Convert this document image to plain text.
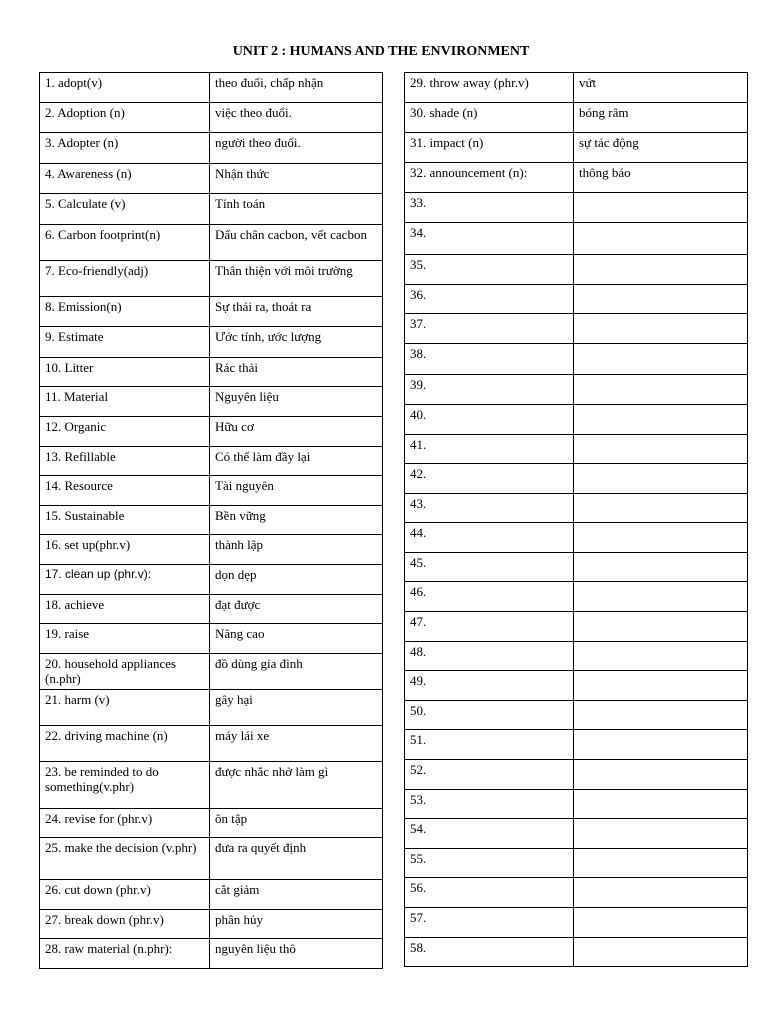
UNIT 2 : HUMANS AND THE ENVIRONMENT
1. adopt(v)	theo đuổi, chấp nhận
2. Adoption (n)	việc theo đuổi.
3. Adopter (n)	người theo đuổi.
4. Awareness (n)	Nhận thức
5. Calculate (v)	Tính toán
6. Carbon footprint(n)	Dấu chân cacbon, vết cacbon
7. Eco-friendly(adj)	Thân thiện với môi trường
8. Emission(n)	Sự thải ra, thoát ra
9. Estimate	Ước tính, ước lượng
10. Litter	Rác thải
11. Material	Nguyên liệu
12. Organic	Hữu cơ
13. Refillable	Có thể làm đầy lại
14. Resource	Tài nguyên
15. Sustainable	Bền vững
16. set up(phr.v)	thành lập
17. clean up (phr.v):	dọn dẹp
18. achieve	đạt được
19. raise	Nâng cao
20. household appliances (n.phr)	đồ dùng gia đình
21. harm (v)	gây hại
22. driving machine (n)	máy lái xe
23. be reminded to do something(v.phr)	được nhắc nhở làm gì
24. revise for (phr.v)	ôn tập
25. make the decision (v.phr)	đưa ra quyết định
26. cut down (phr.v)	cắt giảm
27. break down (phr.v)	phân hủy
28. raw material (n.phr):	nguyên liệu thô
29. throw away (phr.v)	vứt
30. shade (n)	bóng râm
31. impact (n)	sự tác động
32. announcement (n):	thông báo
33.	
34.	
35.	
36.	
37.	
38.	
39.	
40.	
41.	
42.	
43.	
44.	
45.	
46.	
47.	
48.	
49.	
50.	
51.	
52.	
53.	
54.	
55.	
56.	
57.	
58.	
